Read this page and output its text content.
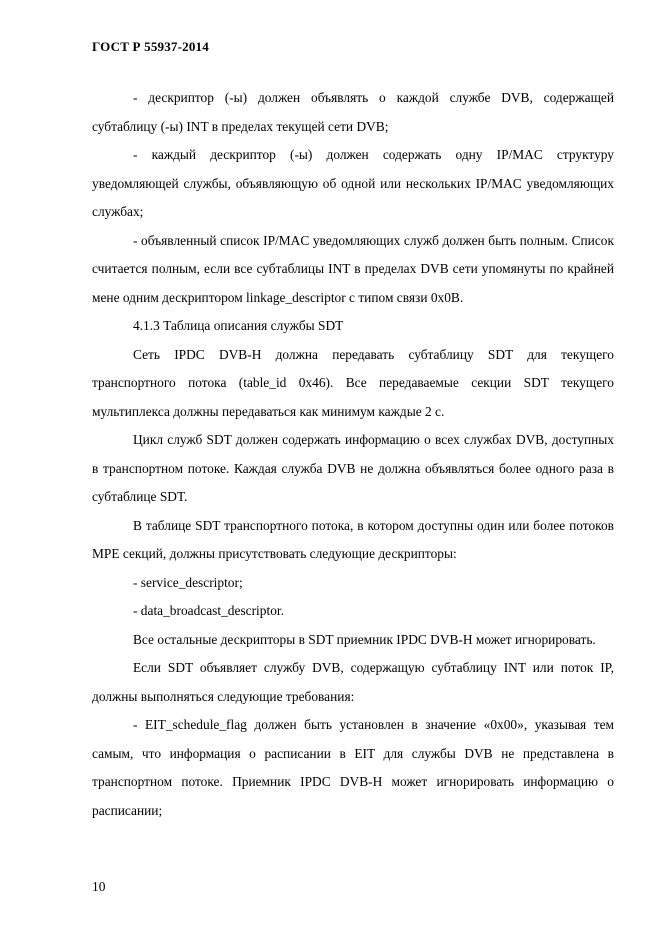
ГОСТ Р 55937-2014

- дескриптор (-ы) должен объявлять о каждой службе DVB, содержащей субтаблицу (-ы) INT в пределах текущей сети DVB;

- каждый дескриптор (-ы) должен содержать одну IP/MAC структуру уведомляющей службы, объявляющую об одной или нескольких IP/MAC уведомляющих службах;

- объявленный список IP/MAC уведомляющих служб должен быть полным. Список считается полным, если все субтаблицы INT в пределах DVB сети упомянуты по крайней мене одним дескриптором linkage_descriptor с типом связи 0x0B.

4.1.3 Таблица описания службы SDT

Сеть IPDC DVB-H должна передавать субтаблицу SDT для текущего транспортного потока (table_id 0x46). Все передаваемые секции SDT текущего мультиплекса должны передаваться как минимум каждые 2 с.

Цикл служб SDT должен содержать информацию о всех службах DVB, доступных в транспортном потоке. Каждая служба DVB не должна объявляться более одного раза в субтаблице SDT.

В таблице SDT транспортного потока, в котором доступны один или более потоков MPE секций, должны присутствовать следующие дескрипторы:

- service_descriptor;

- data_broadcast_descriptor.

Все остальные дескрипторы в SDT приемник IPDC DVB-H может игнорировать.

Если SDT объявляет службу DVB, содержащую субтаблицу INT или поток IP, должны выполняться следующие требования:

- EIT_schedule_flag должен быть установлен в значение «0x00», указывая тем самым, что информация о расписании в EIT для службы DVB не представлена в транспортном потоке. Приемник IPDC DVB-H может игнорировать информацию о расписании;

10
